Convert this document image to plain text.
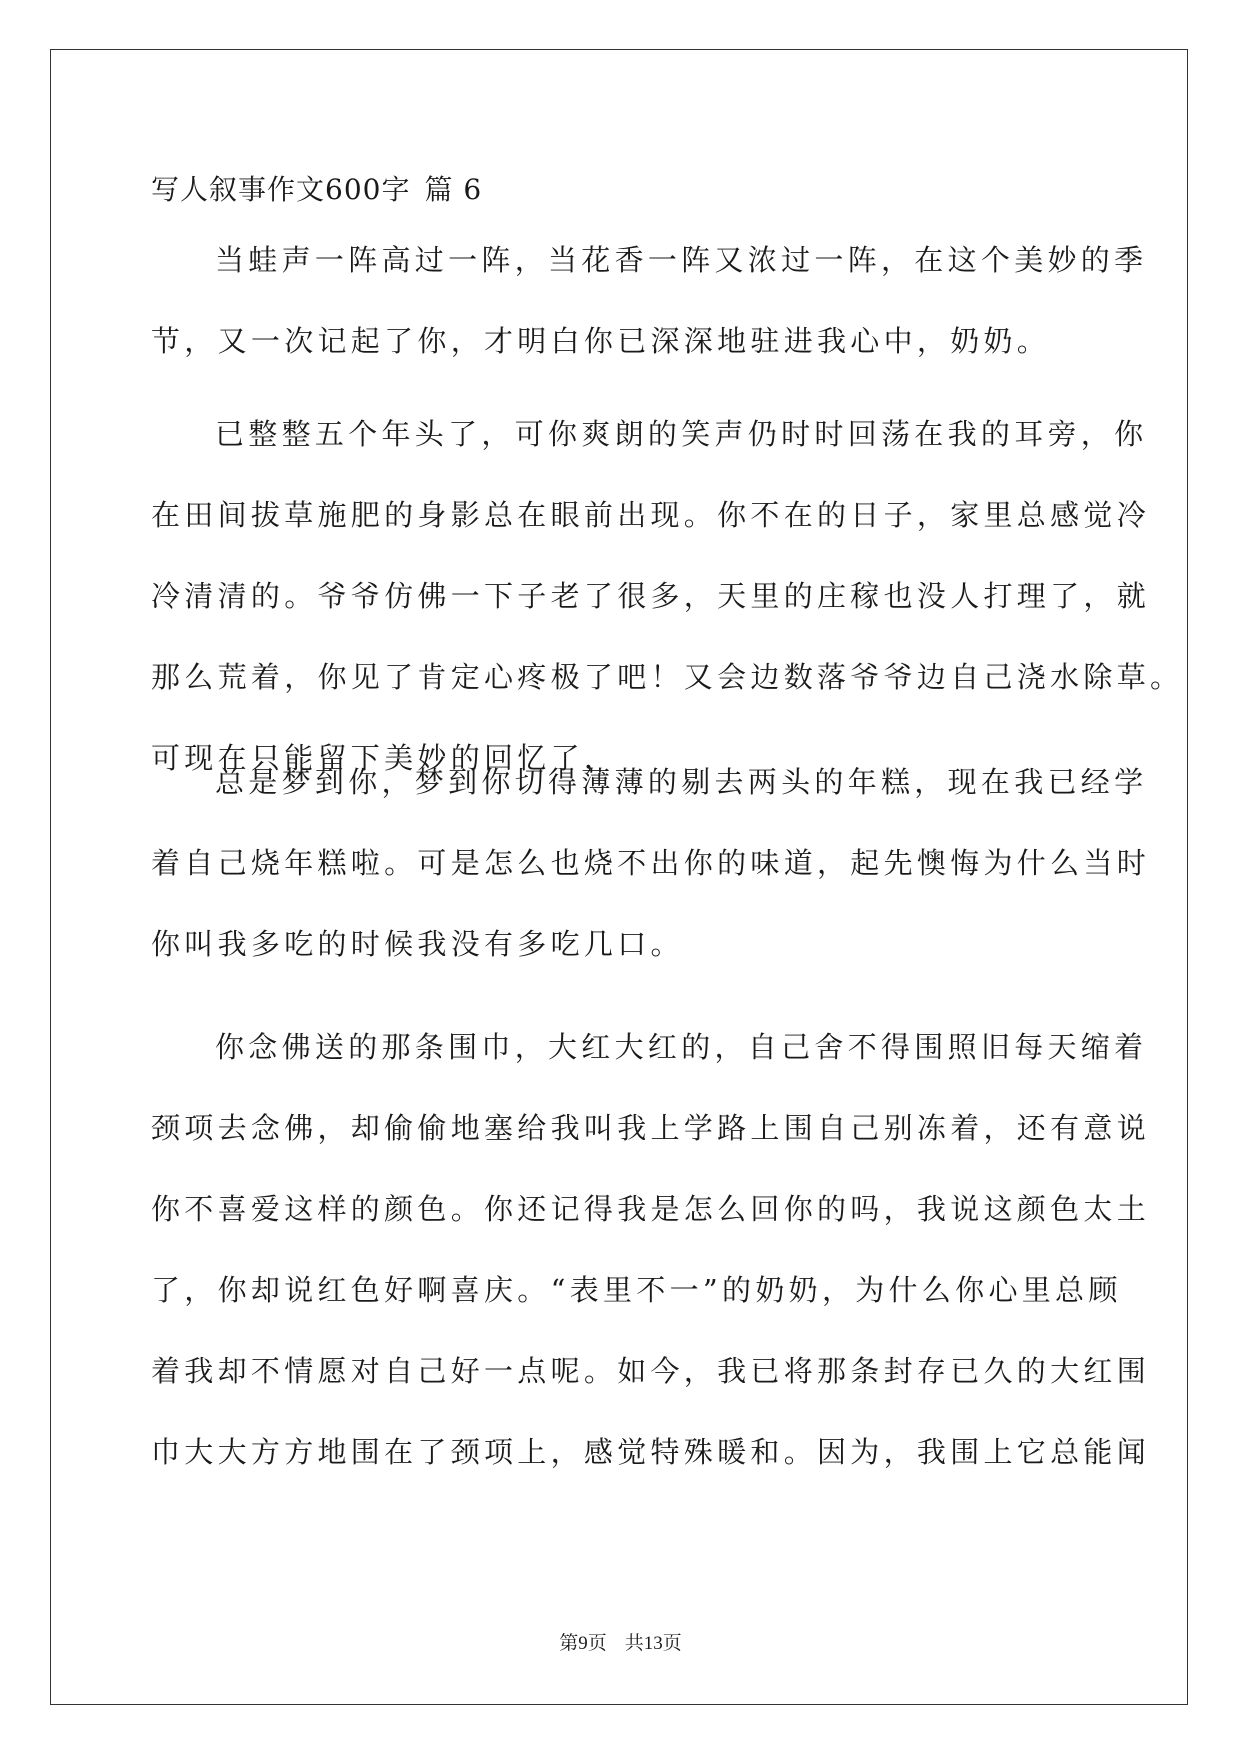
写人叙事作文600字 篇 6
当蛙声一阵高过一阵，当花香一阵又浓过一阵，在这个美妙的季
节，又一次记起了你，才明白你已深深地驻进我心中，奶奶。
已整整五个年头了，可你爽朗的笑声仍时时回荡在我的耳旁，你
在田间拔草施肥的身影总在眼前出现。你不在的日子，家里总感觉冷
冷清清的。爷爷仿佛一下子老了很多，天里的庄稼也没人打理了，就
那么荒着，你见了肯定心疼极了吧！又会边数落爷爷边自己浇水除草。
可现在只能留下美妙的回忆了，
总是梦到你，梦到你切得薄薄的剔去两头的年糕，现在我已经学
着自己烧年糕啦。可是怎么也烧不出你的味道，起先懊悔为什么当时
你叫我多吃的时候我没有多吃几口。
你念佛送的那条围巾，大红大红的，自己舍不得围照旧每天缩着
颈项去念佛，却偷偷地塞给我叫我上学路上围自己别冻着，还有意说
你不喜爱这样的颜色。你还记得我是怎么回你的吗，我说这颜色太土
了，你却说红色好啊喜庆。“表里不一”的奶奶，为什么你心里总顾
着我却不情愿对自己好一点呢。如今，我已将那条封存已久的大红围
巾大大方方地围在了颈项上，感觉特殊暖和。因为，我围上它总能闻
第9页 共13页
